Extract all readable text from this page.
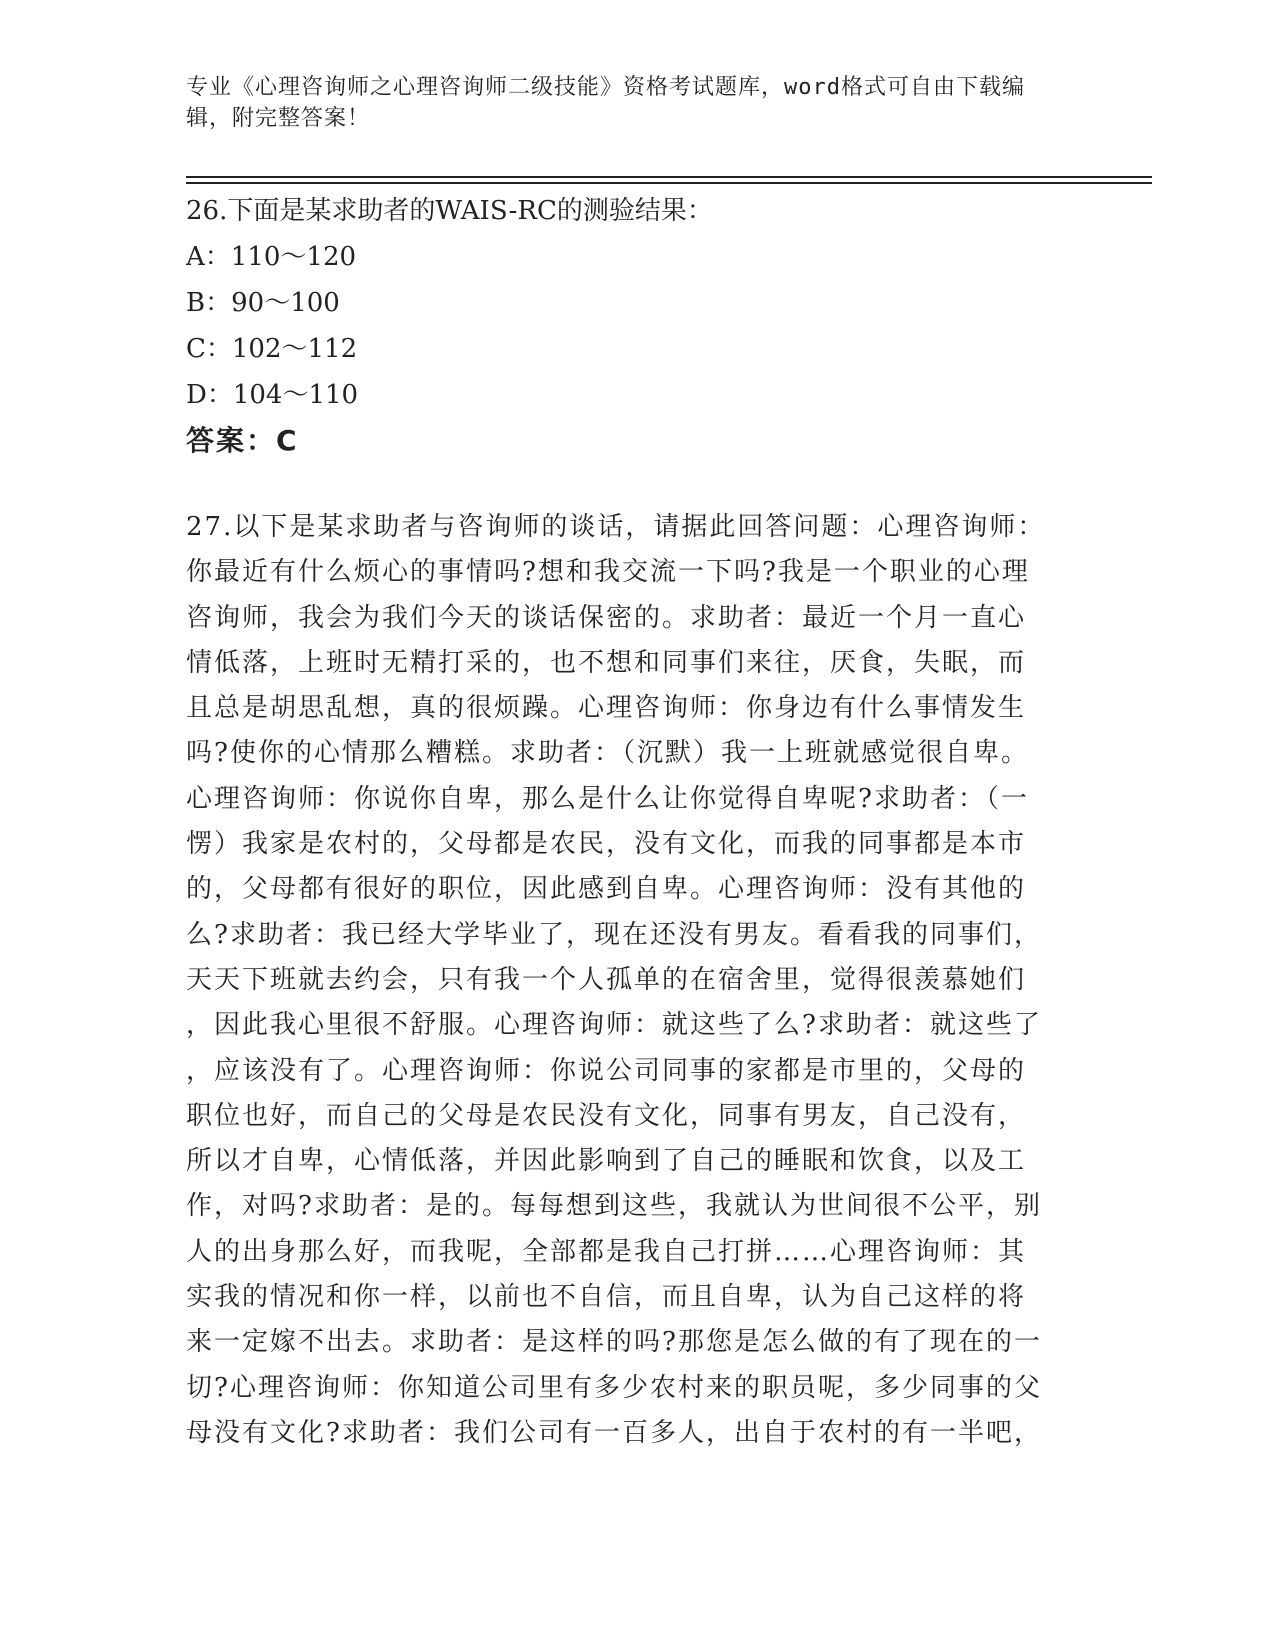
专业《心理咨询师之心理咨询师二级技能》资格考试题库，word格式可自由下载编辑，附完整答案！
26.下面是某求助者的WAIS-RC的测验结果：
A：110～120
B：90～100
C：102～112
D：104～110
答案：C
27.以下是某求助者与咨询师的谈话，请据此回答问题：心理咨询师：
你最近有什么烦心的事情吗?想和我交流一下吗?我是一个职业的心理
咨询师，我会为我们今天的谈话保密的。求助者：最近一个月一直心
情低落，上班时无精打采的，也不想和同事们来往，厌食，失眠，而
且总是胡思乱想，真的很烦躁。心理咨询师：你身边有什么事情发生
吗?使你的心情那么糟糕。求助者：（沉默）我一上班就感觉很自卑。
心理咨询师：你说你自卑，那么是什么让你觉得自卑呢?求助者：（一
愣）我家是农村的，父母都是农民，没有文化，而我的同事都是本市
的，父母都有很好的职位，因此感到自卑。心理咨询师：没有其他的
么?求助者：我已经大学毕业了，现在还没有男友。看看我的同事们，
天天下班就去约会，只有我一个人孤单的在宿舍里，觉得很羡慕她们
，因此我心里很不舒服。心理咨询师：就这些了么?求助者：就这些了
，应该没有了。心理咨询师：你说公司同事的家都是市里的，父母的
职位也好，而自己的父母是农民没有文化，同事有男友，自己没有，
所以才自卑，心情低落，并因此影响到了自己的睡眠和饮食，以及工
作，对吗?求助者：是的。每每想到这些，我就认为世间很不公平，别
人的出身那么好，而我呢，全部都是我自己打拼……心理咨询师：其
实我的情况和你一样，以前也不自信，而且自卑，认为自己这样的将
来一定嫁不出去。求助者：是这样的吗?那您是怎么做的有了现在的一
切?心理咨询师：你知道公司里有多少农村来的职员呢，多少同事的父
母没有文化?求助者：我们公司有一百多人，出自于农村的有一半吧，
